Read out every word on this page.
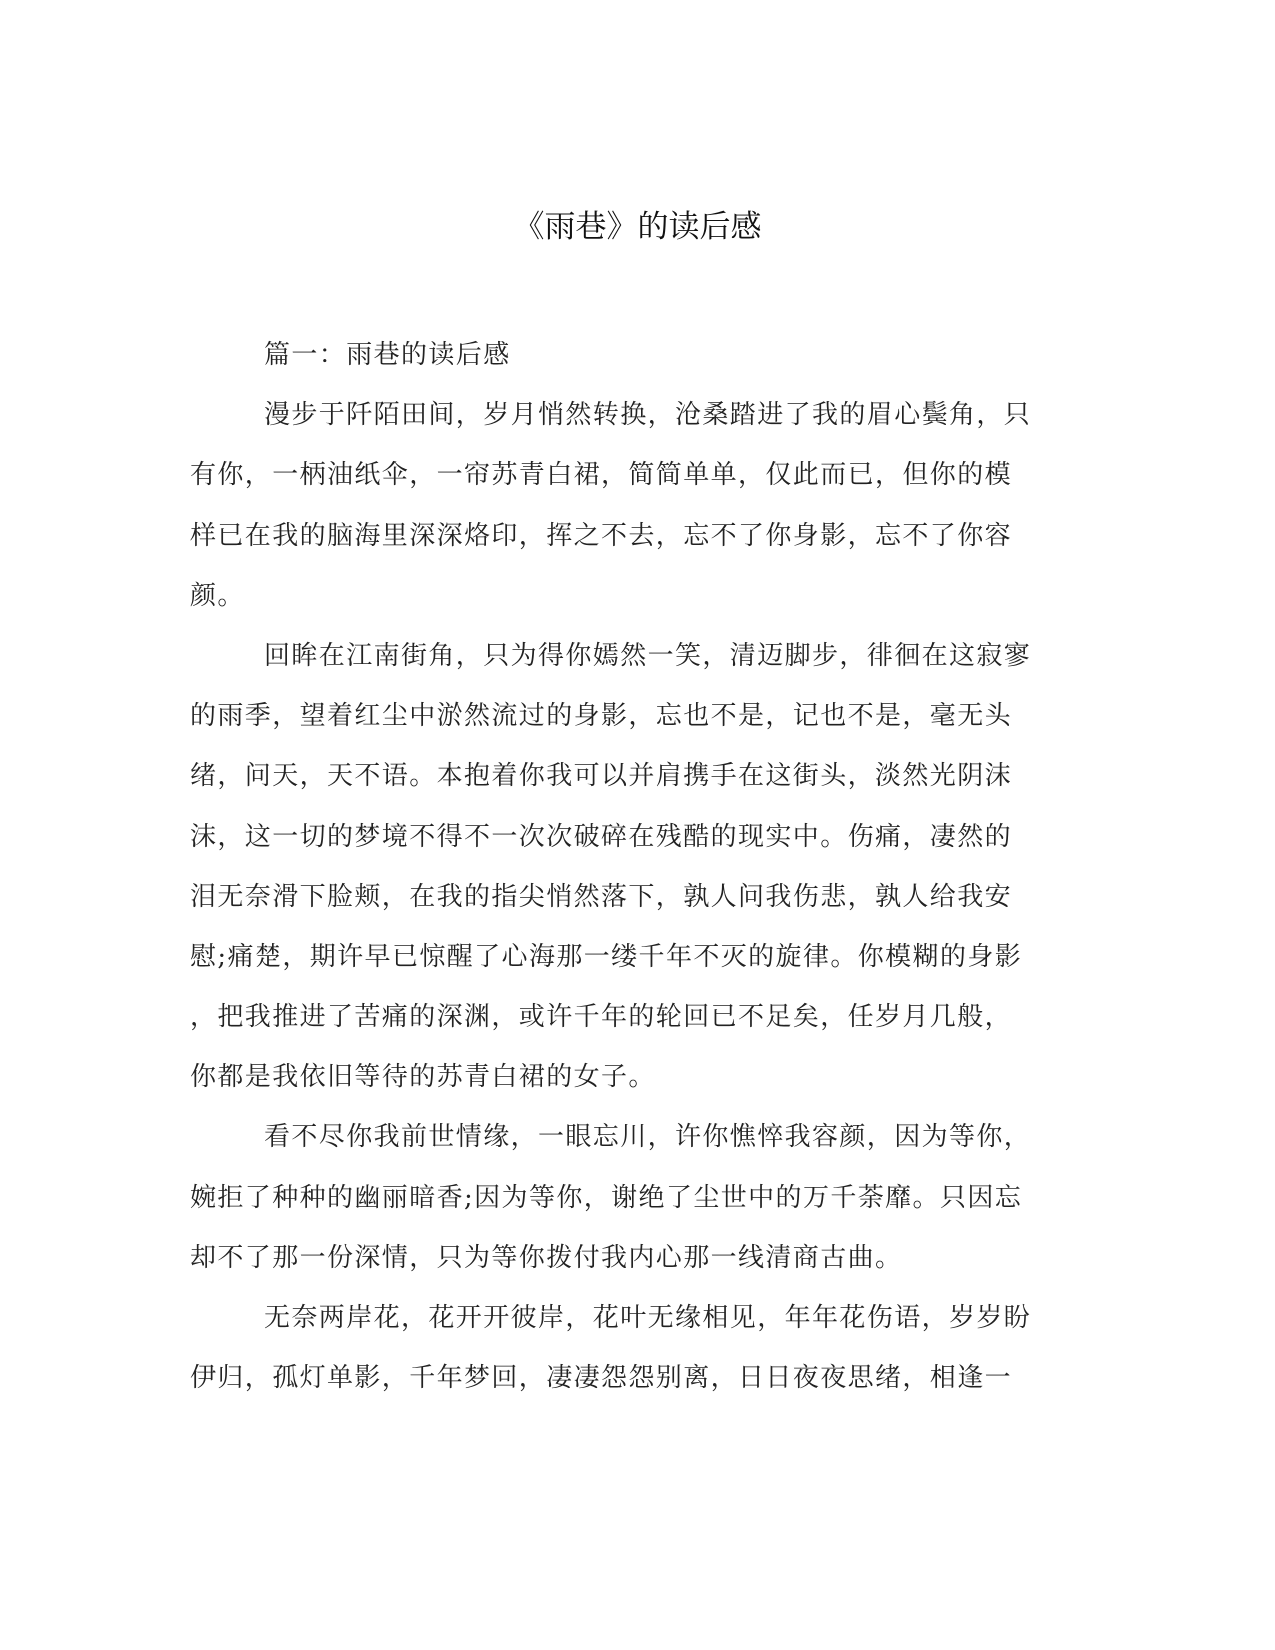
《雨巷》的读后感
篇一：雨巷的读后感
漫步于阡陌田间，岁月悄然转换，沧桑踏进了我的眉心鬓角，只
有你，一柄油纸伞，一帘苏青白裙，简简单单，仅此而已，但你的模
样已在我的脑海里深深烙印，挥之不去，忘不了你身影，忘不了你容
颜。
回眸在江南街角，只为得你嫣然一笑，清迈脚步，徘徊在这寂寥
的雨季，望着红尘中淤然流过的身影，忘也不是，记也不是，毫无头
绪，问天，天不语。本抱着你我可以并肩携手在这街头，淡然光阴沫
沫，这一切的梦境不得不一次次破碎在残酷的现实中。伤痛，凄然的
泪无奈滑下脸颊，在我的指尖悄然落下，孰人问我伤悲，孰人给我安
慰;痛楚，期许早已惊醒了心海那一缕千年不灭的旋律。你模糊的身影
，把我推进了苦痛的深渊，或许千年的轮回已不足矣，任岁月几般，
你都是我依旧等待的苏青白裙的女子。
看不尽你我前世情缘，一眼忘川，许你憔悴我容颜，因为等你，
婉拒了种种的幽丽暗香;因为等你，谢绝了尘世中的万千荼靡。只因忘
却不了那一份深情，只为等你拨付我内心那一线清商古曲。
无奈两岸花，花开开彼岸，花叶无缘相见，年年花伤语，岁岁盼
伊归，孤灯单影，千年梦回，凄凄怨怨别离，日日夜夜思绪，相逢一
